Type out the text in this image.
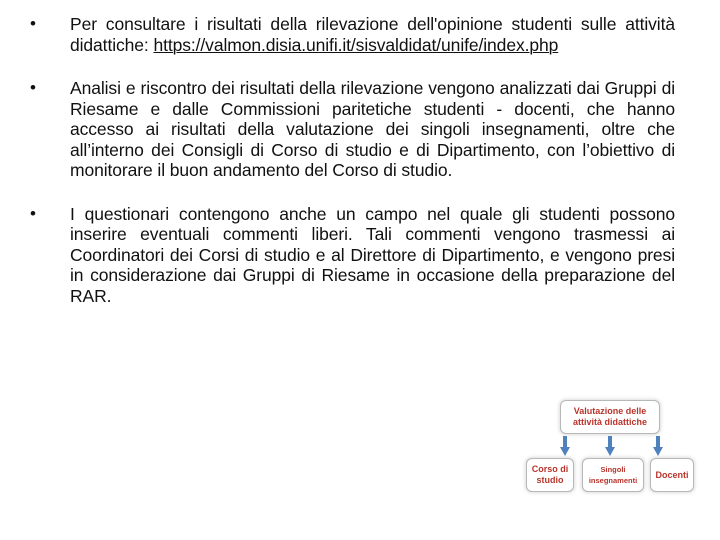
•	Per consultare i risultati della rilevazione dell'opinione studenti sulle attività didattiche: https://valmon.disia.unifi.it/sisvaldidat/unife/index.php
•	Analisi e riscontro dei risultati della rilevazione vengono analizzati dai Gruppi di Riesame e dalle Commissioni paritetiche studenti - docenti, che hanno accesso ai risultati della valutazione dei singoli insegnamenti, oltre che all’interno dei Consigli di Corso di studio e di Dipartimento, con l’obiettivo di monitorare il buon andamento del Corso di studio.
•	I questionari contengono anche un campo nel quale gli studenti possono inserire eventuali commenti liberi. Tali commenti vengono trasmessi ai Coordinatori dei Corsi di studio e al Direttore di Dipartimento, e vengono presi in considerazione dai Gruppi di Riesame in occasione della preparazione del RAR.
Valutazione delle attività didattiche
Corso di studio
Singoli insegnamenti
Docenti
